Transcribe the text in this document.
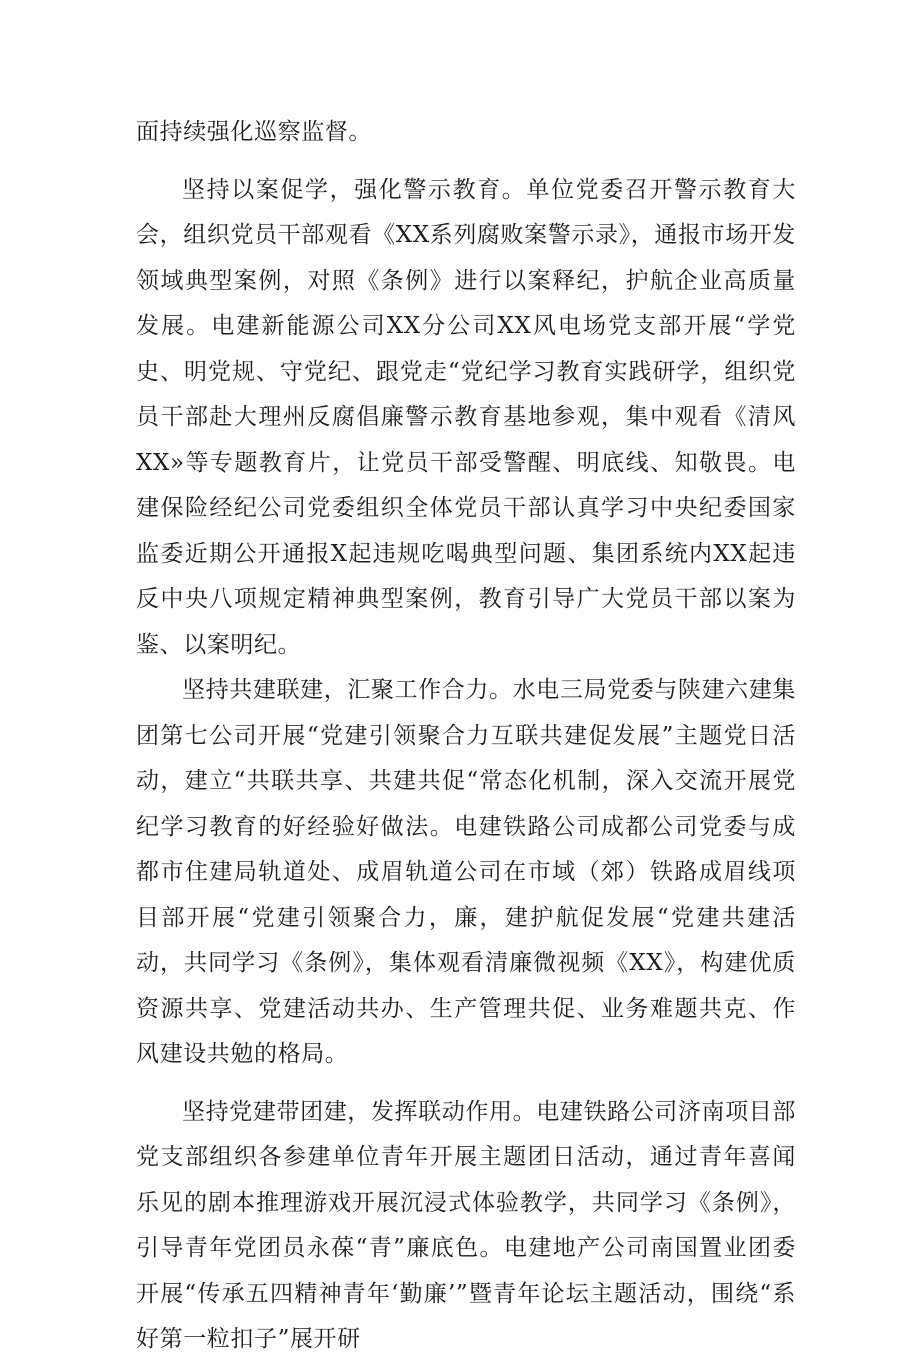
面持续强化巡察监督。

坚持以案促学，强化警示教育。单位党委召开警示教育大会，组织党员干部观看《XX系列腐败案警示录》，通报市场开发领域典型案例，对照《条例》进行以案释纪，护航企业高质量发展。电建新能源公司XX分公司XX风电场党支部开展“学党史、明党规、守党纪、跟党走“党纪学习教育实践研学，组织党员干部赴大理州反腐倡廉警示教育基地参观，集中观看《清风XX»等专题教育片，让党员干部受警醒、明底线、知敬畏。电建保险经纪公司党委组织全体党员干部认真学习中央纪委国家监委近期公开通报X起违规吃喝典型问题、集团系统内XX起违反中央八项规定精神典型案例，教育引导广大党员干部以案为鉴、以案明纪。

坚持共建联建，汇聚工作合力。水电三局党委与陕建六建集团第七公司开展“党建引领聚合力互联共建促发展”主题党日活动，建立“共联共享、共建共促“常态化机制，深入交流开展党纪学习教育的好经验好做法。电建铁路公司成都公司党委与成都市住建局轨道处、成眉轨道公司在市域（郊）铁路成眉线项目部开展“党建引领聚合力，廉，建护航促发展“党建共建活动，共同学习《条例》，集体观看清廉微视频《XX》，构建优质资源共享、党建活动共办、生产管理共促、业务难题共克、作风建设共勉的格局。

坚持党建带团建，发挥联动作用。电建铁路公司济南项目部党支部组织各参建单位青年开展主题团日活动，通过青年喜闻乐见的剧本推理游戏开展沉浸式体验教学，共同学习《条例》，引导青年党团员永葆“青”廉底色。电建地产公司南国置业团委开展“传承五四精神青年‘勤廉’”暨青年论坛主题活动，围绕“系好第一粒扣子”展开研
